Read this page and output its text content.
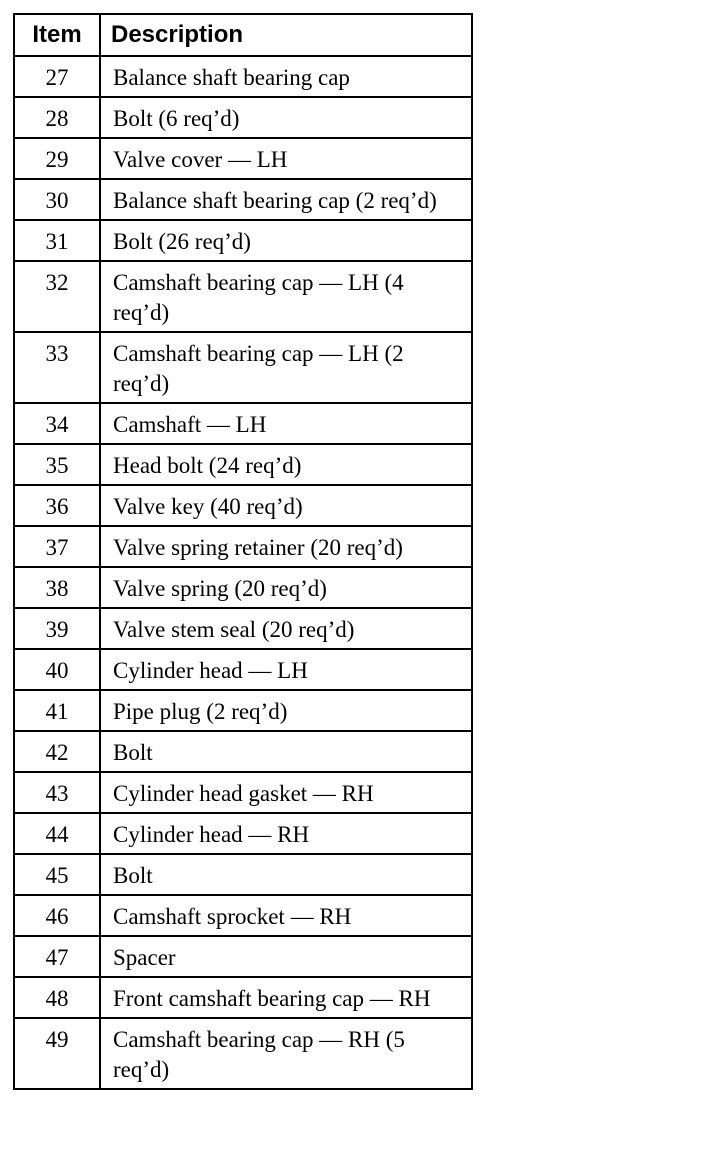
Item	Description
27	Balance shaft bearing cap
28	Bolt (6 req’d)
29	Valve cover — LH
30	Balance shaft bearing cap (2 req’d)
31	Bolt (26 req’d)
32	Camshaft bearing cap — LH (4 req’d)
33	Camshaft bearing cap — LH (2 req’d)
34	Camshaft — LH
35	Head bolt (24 req’d)
36	Valve key (40 req’d)
37	Valve spring retainer (20 req’d)
38	Valve spring (20 req’d)
39	Valve stem seal (20 req’d)
40	Cylinder head — LH
41	Pipe plug (2 req’d)
42	Bolt
43	Cylinder head gasket — RH
44	Cylinder head — RH
45	Bolt
46	Camshaft sprocket — RH
47	Spacer
48	Front camshaft bearing cap — RH
49	Camshaft bearing cap — RH (5 req’d)
